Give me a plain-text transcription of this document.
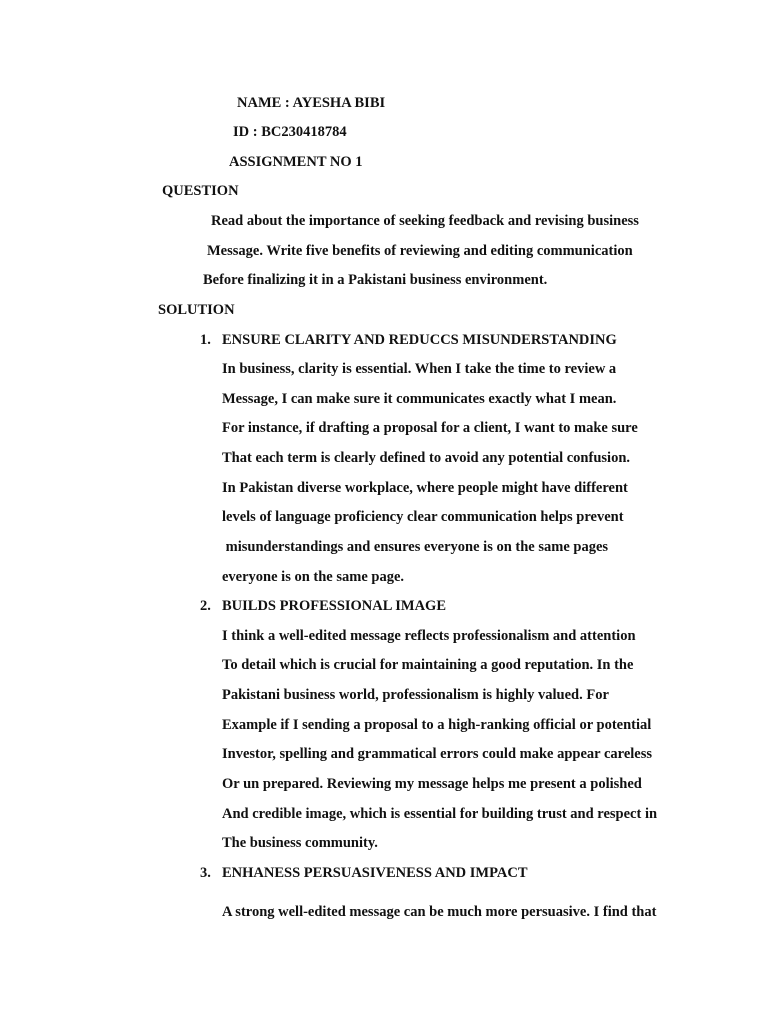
NAME : AYESHA BIBI

ID : BC230418784

ASSIGNMENT NO 1

QUESTION

Read about the importance of seeking feedback and revising business

Message. Write five benefits of reviewing and editing communication

Before finalizing it in a Pakistani business environment.

SOLUTION

1. ENSURE CLARITY AND REDUCCS MISUNDERSTANDING

In business, clarity is essential. When I take the time to review a

Message, I can make sure it communicates exactly what I mean.

For instance, if drafting a proposal for a client, I want to make sure

That each term is clearly defined to avoid any potential confusion.

In Pakistan diverse workplace, where people might have different

levels of language proficiency clear communication helps prevent

misunderstandings and ensures everyone is on the same pages

everyone is on the same page.

2. BUILDS PROFESSIONAL IMAGE

I think a well-edited message reflects professionalism and attention

To detail which is crucial for maintaining a good reputation. In the

Pakistani business world, professionalism is highly valued. For

Example if I sending a proposal to a high-ranking official or potential

Investor, spelling and grammatical errors could make appear careless

Or un prepared. Reviewing my message helps me present a polished

And credible image, which is essential for building trust and respect in

The business community.

3. ENHANESS PERSUASIVENESS AND IMPACT

A strong well-edited message can be much more persuasive. I find that
